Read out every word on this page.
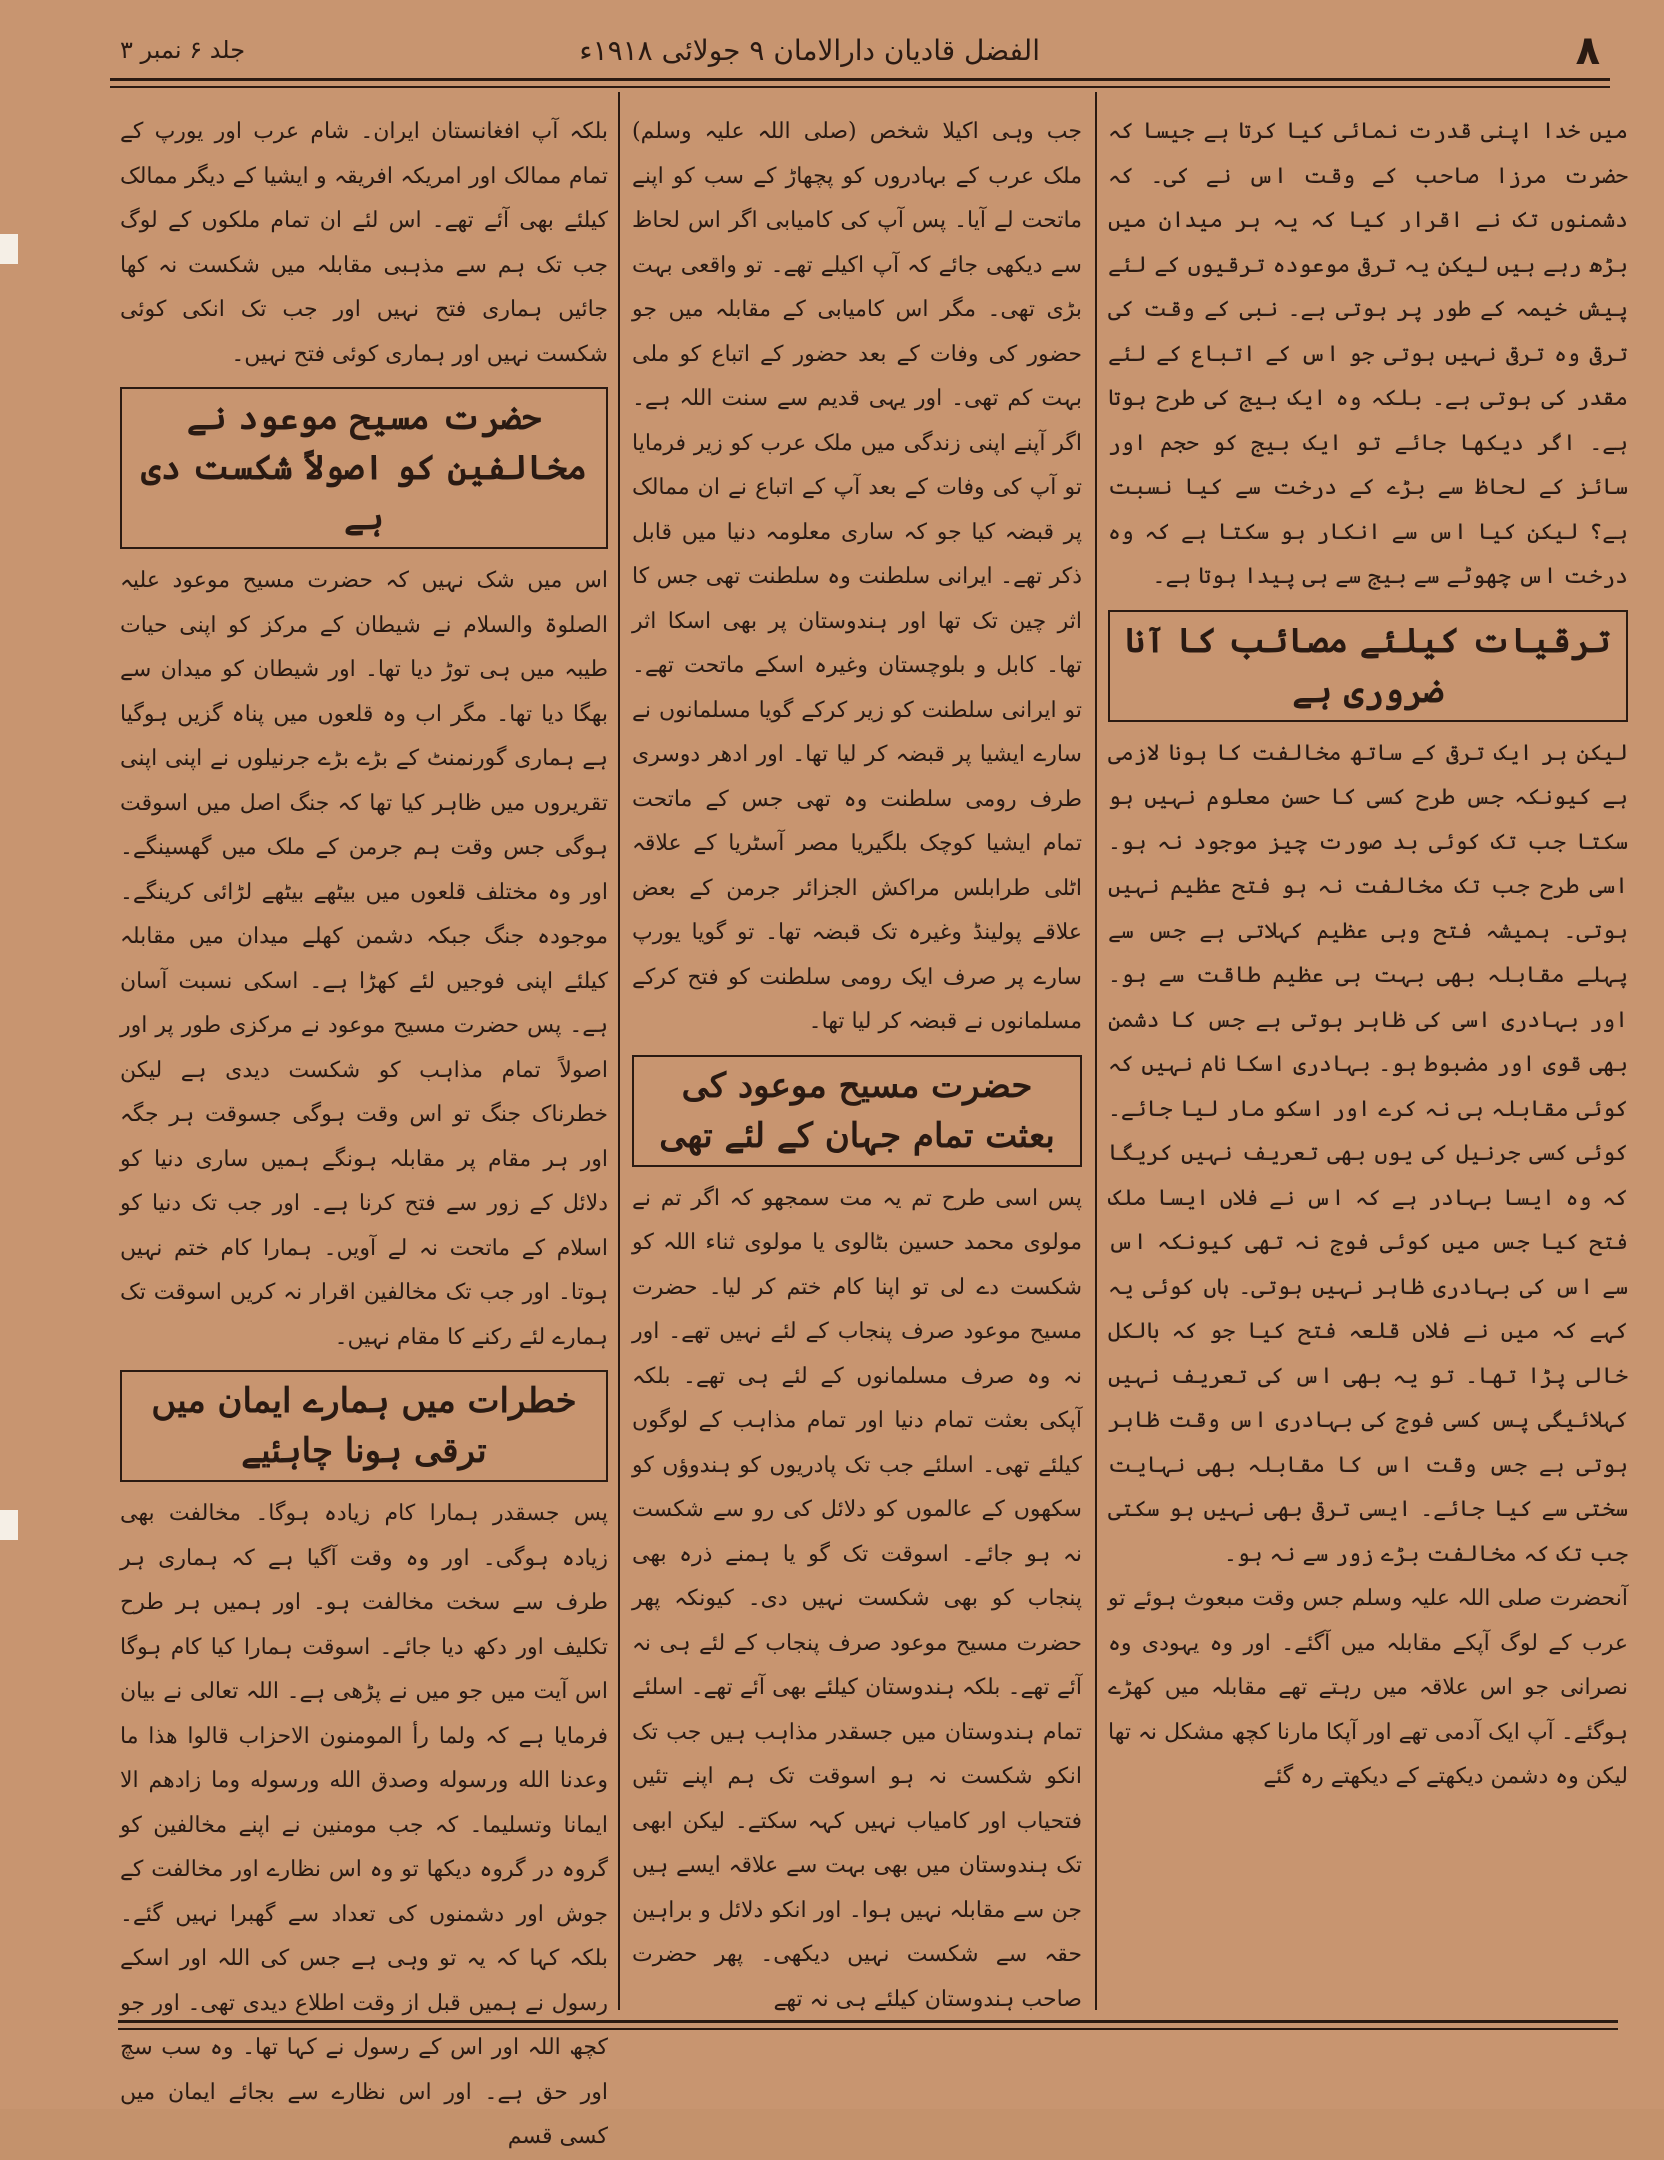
۸
الفضل قادیان دارالامان ۹ جولائی ۱۹۱۸ء
جلد ۶ نمبر ۳

میں خدا اپنی قدرت نمائی کیا کرتا ہے جیسا کہ حضرت مرزا صاحب کے وقت اس نے کی۔ کہ دشمنوں تک نے اقرار کیا کہ یہ ہر میدان میں بڑھ رہے ہیں لیکن یہ ترقی موعودہ ترقیوں کے لئے پیش خیمہ کے طور پر ہوتی ہے۔ نبی کے وقت کی ترقی وہ ترقی نہیں ہوتی جو اس کے اتباع کے لئے مقدر کی ہوتی ہے۔ بلکہ وہ ایک بیج کی طرح ہوتا ہے۔ اگر دیکھا جائے تو ایک بیج کو حجم اور سائز کے لحاظ سے بڑے کے درخت سے کیا نسبت ہے؟ لیکن کیا اس سے انکار ہو سکتا ہے کہ وہ درخت اس چھوٹے سے بیج سے ہی پیدا ہوتا ہے۔

ترقیات کیلئے مصائب کا آنا ضروری ہے

لیکن ہر ایک ترقی کے ساتھ مخالفت کا ہونا لازمی ہے کیونکہ جس طرح کسی کا حسن معلوم نہیں ہو سکتا جب تک کوئی بد صورت چیز موجود نہ ہو۔ اسی طرح جب تک مخالفت نہ ہو فتح عظیم نہیں ہوتی۔ ہمیشہ فتح وہی عظیم کہلاتی ہے جس سے پہلے مقابلہ بھی بہت ہی عظیم طاقت سے ہو۔ اور بہادری اسی کی ظاہر ہوتی ہے جس کا دشمن بھی قوی اور مضبوط ہو۔ بہادری اسکا نام نہیں کہ کوئی مقابلہ ہی نہ کرے اور اسکو مار لیا جائے۔ کوئی کسی جرنیل کی یوں بھی تعریف نہیں کریگا کہ وہ ایسا بہادر ہے کہ اس نے فلاں ایسا ملک فتح کیا جس میں کوئی فوج نہ تھی کیونکہ اس سے اس کی بہادری ظاہر نہیں ہوتی۔ ہاں کوئی یہ کہے کہ میں نے فلاں قلعہ فتح کیا جو کہ بالکل خالی پڑا تھا۔ تو یہ بھی اس کی تعریف نہیں کہلائیگی پس کسی فوج کی بہادری اس وقت ظاہر ہوتی ہے جس وقت اس کا مقابلہ بھی نہایت سختی سے کیا جائے۔ ایسی ترقی بھی نہیں ہو سکتی جب تک کہ مخالفت بڑے زور سے نہ ہو۔

آنحضرت صلی اللہ علیہ وسلم جس وقت مبعوث ہوئے تو عرب کے لوگ آپکے مقابلہ میں آگئے۔ اور وہ یہودی وہ نصرانی جو اس علاقہ میں رہتے تھے مقابلہ میں کھڑے ہوگئے۔ آپ ایک آدمی تھے اور آپکا مارنا کچھ مشکل نہ تھا لیکن وہ دشمن دیکھتے کے دیکھتے رہ گئے

جب وہی اکیلا شخص (صلی اللہ علیہ وسلم) ملک عرب کے بہادروں کو پچھاڑ کے سب کو اپنے ماتحت لے آیا۔ پس آپ کی کامیابی اگر اس لحاظ سے دیکھی جائے کہ آپ اکیلے تھے۔ تو واقعی بہت بڑی تھی۔ مگر اس کامیابی کے مقابلہ میں جو حضور کی وفات کے بعد حضور کے اتباع کو ملی بہت کم تھی۔ اور یہی قدیم سے سنت اللہ ہے۔ اگر آپنے اپنی زندگی میں ملک عرب کو زیر فرمایا تو آپ کی وفات کے بعد آپ کے اتباع نے ان ممالک پر قبضہ کیا جو کہ ساری معلومہ دنیا میں قابل ذکر تھے۔ ایرانی سلطنت وہ سلطنت تھی جس کا اثر چین تک تھا اور ہندوستان پر بھی اسکا اثر تھا۔ کابل و بلوچستان وغیرہ اسکے ماتحت تھے۔ تو ایرانی سلطنت کو زیر کرکے گویا مسلمانوں نے سارے ایشیا پر قبضہ کر لیا تھا۔ اور ادھر دوسری طرف رومی سلطنت وہ تھی جس کے ماتحت تمام ایشیا کوچک بلگیریا مصر آسٹریا کے علاقہ اٹلی طرابلس مراکش الجزائر جرمن کے بعض علاقے پولینڈ وغیرہ تک قبضہ تھا۔ تو گویا یورپ سارے پر صرف ایک رومی سلطنت کو فتح کرکے مسلمانوں نے قبضہ کر لیا تھا۔

حضرت مسیح موعود کی بعثت تمام جہان کے لئے تھی

پس اسی طرح تم یہ مت سمجھو کہ اگر تم نے مولوی محمد حسین بٹالوی یا مولوی ثناء اللہ کو شکست دے لی تو اپنا کام ختم کر لیا۔ حضرت مسیح موعود صرف پنجاب کے لئے نہیں تھے۔ اور نہ وہ صرف مسلمانوں کے لئے ہی تھے۔ بلکہ آپکی بعثت تمام دنیا اور تمام مذاہب کے لوگوں کیلئے تھی۔ اسلئے جب تک پادریوں کو ہندوؤں کو سکھوں کے عالموں کو دلائل کی رو سے شکست نہ ہو جائے۔ اسوقت تک گو یا ہمنے ذرہ بھی پنجاب کو بھی شکست نہیں دی۔ کیونکہ پھر حضرت مسیح موعود صرف پنجاب کے لئے ہی نہ آئے تھے۔ بلکہ ہندوستان کیلئے بھی آئے تھے۔ اسلئے تمام ہندوستان میں جسقدر مذاہب ہیں جب تک انکو شکست نہ ہو اسوقت تک ہم اپنے تئیں فتحیاب اور کامیاب نہیں کہہ سکتے۔ لیکن ابھی تک ہندوستان میں بھی بہت سے علاقہ ایسے ہیں جن سے مقابلہ نہیں ہوا۔ اور انکو دلائل و براہین حقہ سے شکست نہیں دیکھی۔ پھر حضرت صاحب ہندوستان کیلئے ہی نہ تھے

بلکہ آپ افغانستان ایران۔ شام عرب اور یورپ کے تمام ممالک اور امریکہ افریقہ و ایشیا کے دیگر ممالک کیلئے بھی آئے تھے۔ اس لئے ان تمام ملکوں کے لوگ جب تک ہم سے مذہبی مقابلہ میں شکست نہ کھا جائیں ہماری فتح نہیں اور جب تک انکی کوئی شکست نہیں اور ہماری کوئی فتح نہیں۔

حضرت مسیح موعود نے مخالفین کو اصولاً شکست دی ہے

اس میں شک نہیں کہ حضرت مسیح موعود علیہ الصلوۃ والسلام نے شیطان کے مرکز کو اپنی حیات طیبہ میں ہی توڑ دیا تھا۔ اور شیطان کو میدان سے بھگا دیا تھا۔ مگر اب وہ قلعوں میں پناہ گزیں ہوگیا ہے ہماری گورنمنٹ کے بڑے بڑے جرنیلوں نے اپنی اپنی تقریروں میں ظاہر کیا تھا کہ جنگ اصل میں اسوقت ہوگی جس وقت ہم جرمن کے ملک میں گھسینگے۔ اور وہ مختلف قلعوں میں بیٹھے بیٹھے لڑائی کرینگے۔ موجودہ جنگ جبکہ دشمن کھلے میدان میں مقابلہ کیلئے اپنی فوجیں لئے کھڑا ہے۔ اسکی نسبت آسان ہے۔ پس حضرت مسیح موعود نے مرکزی طور پر اور اصولاً تمام مذاہب کو شکست دیدی ہے لیکن خطرناک جنگ تو اس وقت ہوگی جسوقت ہر جگہ اور ہر مقام پر مقابلہ ہونگے ہمیں ساری دنیا کو دلائل کے زور سے فتح کرنا ہے۔ اور جب تک دنیا کو اسلام کے ماتحت نہ لے آویں۔ ہمارا کام ختم نہیں ہوتا۔ اور جب تک مخالفین اقرار نہ کریں اسوقت تک ہمارے لئے رکنے کا مقام نہیں۔

خطرات میں ہمارے ایمان میں ترقی ہونا چاہئیے

پس جسقدر ہمارا کام زیادہ ہوگا۔ مخالفت بھی زیادہ ہوگی۔ اور وہ وقت آگیا ہے کہ ہماری ہر طرف سے سخت مخالفت ہو۔ اور ہمیں ہر طرح تکلیف اور دکھ دیا جائے۔ اسوقت ہمارا کیا کام ہوگا اس آیت میں جو میں نے پڑھی ہے۔ اللہ تعالی نے بیان فرمایا ہے کہ ولما رأ المومنون الاحزاب قالوا هذا ما وعدنا الله ورسوله وصدق الله ورسوله وما زادهم الا ایمانا وتسلیما۔ کہ جب مومنین نے اپنے مخالفین کو گروہ در گروہ دیکھا تو وہ اس نظارے اور مخالفت کے جوش اور دشمنوں کی تعداد سے گھبرا نہیں گئے۔ بلکہ کہا کہ یہ تو وہی ہے جس کی اللہ اور اسکے رسول نے ہمیں قبل از وقت اطلاع دیدی تھی۔ اور جو کچھ اللہ اور اس کے رسول نے کہا تھا۔ وہ سب سچ اور حق ہے۔ اور اس نظارے سے بجائے ایمان میں کسی قسم
